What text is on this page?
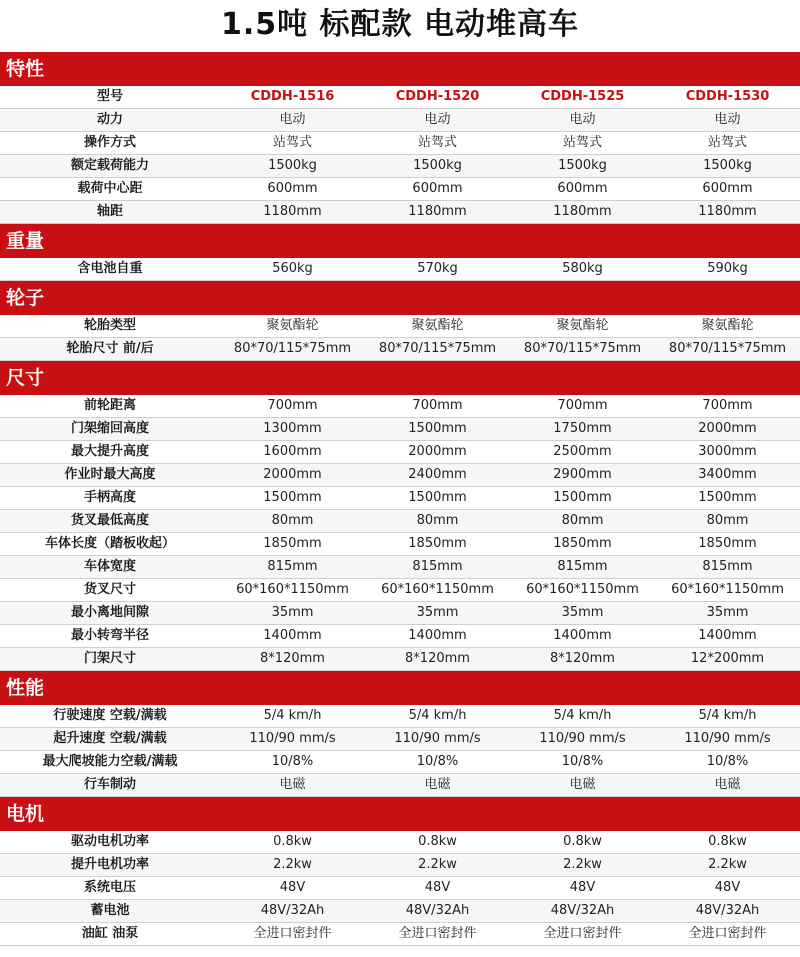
1.5吨 标配款 电动堆高车
特性
型号	CDDH-1516	CDDH-1520	CDDH-1525	CDDH-1530
动力	电动	电动	电动	电动
操作方式	站驾式	站驾式	站驾式	站驾式
额定载荷能力	1500kg	1500kg	1500kg	1500kg
载荷中心距	600mm	600mm	600mm	600mm
轴距	1180mm	1180mm	1180mm	1180mm
重量
含电池自重	560kg	570kg	580kg	590kg
轮子
轮胎类型	聚氨酯轮	聚氨酯轮	聚氨酯轮	聚氨酯轮
轮胎尺寸 前/后	80*70/115*75mm	80*70/115*75mm	80*70/115*75mm	80*70/115*75mm
尺寸
前轮距离	700mm	700mm	700mm	700mm
门架缩回高度	1300mm	1500mm	1750mm	2000mm
最大提升高度	1600mm	2000mm	2500mm	3000mm
作业时最大高度	2000mm	2400mm	2900mm	3400mm
手柄高度	1500mm	1500mm	1500mm	1500mm
货叉最低高度	80mm	80mm	80mm	80mm
车体长度（踏板收起）	1850mm	1850mm	1850mm	1850mm
车体宽度	815mm	815mm	815mm	815mm
货叉尺寸	60*160*1150mm	60*160*1150mm	60*160*1150mm	60*160*1150mm
最小离地间隙	35mm	35mm	35mm	35mm
最小转弯半径	1400mm	1400mm	1400mm	1400mm
门架尺寸	8*120mm	8*120mm	8*120mm	12*200mm
性能
行驶速度 空载/满载	5/4 km/h	5/4 km/h	5/4 km/h	5/4 km/h
起升速度 空载/满载	110/90 mm/s	110/90 mm/s	110/90 mm/s	110/90 mm/s
最大爬坡能力空载/满载	10/8%	10/8%	10/8%	10/8%
行车制动	电磁	电磁	电磁	电磁
电机
驱动电机功率	0.8kw	0.8kw	0.8kw	0.8kw
提升电机功率	2.2kw	2.2kw	2.2kw	2.2kw
系统电压	48V	48V	48V	48V
蓄电池	48V/32Ah	48V/32Ah	48V/32Ah	48V/32Ah
油缸 油泵	全进口密封件	全进口密封件	全进口密封件	全进口密封件
